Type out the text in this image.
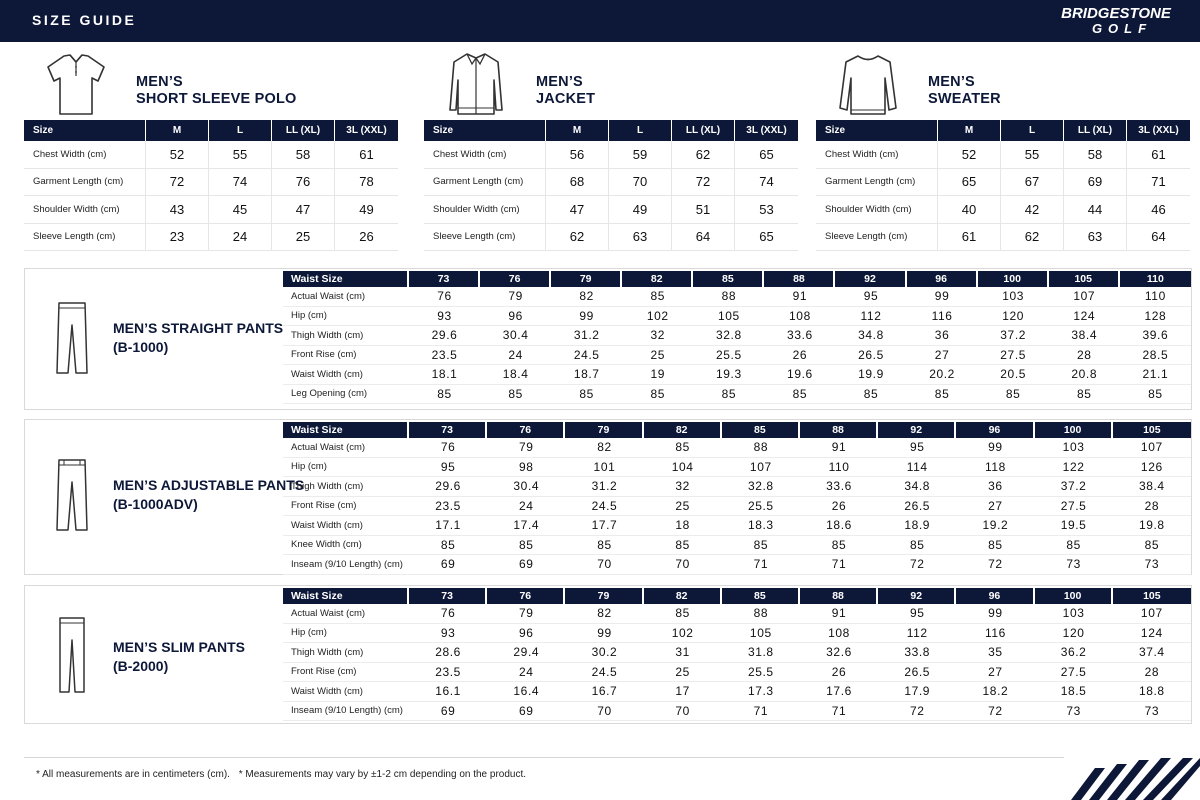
SIZE GUIDE	BRIDGESTONE
GOLF
MEN’S
SHORT SLEEVE POLO
Size	M	L	LL (XL)	3L (XXL)
Chest Width (cm)	52	55	58	61
Garment Length (cm)	72	74	76	78
Shoulder Width (cm)	43	45	47	49
Sleeve Length (cm)	23	24	25	26
MEN’S
JACKET
Size	M	L	LL (XL)	3L (XXL)
Chest Width (cm)	56	59	62	65
Garment Length (cm)	68	70	72	74
Shoulder Width (cm)	47	49	51	53
Sleeve Length (cm)	62	63	64	65
MEN’S
SWEATER
Size	M	L	LL (XL)	3L (XXL)
Chest Width (cm)	52	55	58	61
Garment Length (cm)	65	67	69	71
Shoulder Width (cm)	40	42	44	46
Sleeve Length (cm)	61	62	63	64
MEN’S STRAIGHT PANTS
(B-1000)
Waist Size	73	76	79	82	85	88	92	96	100	105	110
Actual Waist (cm)	76	79	82	85	88	91	95	99	103	107	110
Hip (cm)	93	96	99	102	105	108	112	116	120	124	128
Thigh Width (cm)	29.6	30.4	31.2	32	32.8	33.6	34.8	36	37.2	38.4	39.6
Front Rise (cm)	23.5	24	24.5	25	25.5	26	26.5	27	27.5	28	28.5
Waist Width (cm)	18.1	18.4	18.7	19	19.3	19.6	19.9	20.2	20.5	20.8	21.1
Leg Opening (cm)	85	85	85	85	85	85	85	85	85	85	85
MEN’S ADJUSTABLE PANTS
(B-1000ADV)
Waist Size	73	76	79	82	85	88	92	96	100	105
Actual Waist (cm)	76	79	82	85	88	91	95	99	103	107
Hip (cm)	95	98	101	104	107	110	114	118	122	126
Thigh Width (cm)	29.6	30.4	31.2	32	32.8	33.6	34.8	36	37.2	38.4
Front Rise (cm)	23.5	24	24.5	25	25.5	26	26.5	27	27.5	28
Waist Width (cm)	17.1	17.4	17.7	18	18.3	18.6	18.9	19.2	19.5	19.8
Knee Width (cm)	85	85	85	85	85	85	85	85	85	85
Inseam (9/10 Length) (cm)	69	69	70	70	71	71	72	72	73	73
MEN’S SLIM PANTS
(B-2000)
Waist Size	73	76	79	82	85	88	92	96	100	105
Actual Waist (cm)	76	79	82	85	88	91	95	99	103	107
Hip (cm)	93	96	99	102	105	108	112	116	120	124
Thigh Width (cm)	28.6	29.4	30.2	31	31.8	32.6	33.8	35	36.2	37.4
Front Rise (cm)	23.5	24	24.5	25	25.5	26	26.5	27	27.5	28
Waist Width (cm)	16.1	16.4	16.7	17	17.3	17.6	17.9	18.2	18.5	18.8
Inseam (9/10 Length) (cm)	69	69	70	70	71	71	72	72	73	73
* All measurements are in centimeters (cm). * Measurements may vary by ±1-2 cm depending on the product.
